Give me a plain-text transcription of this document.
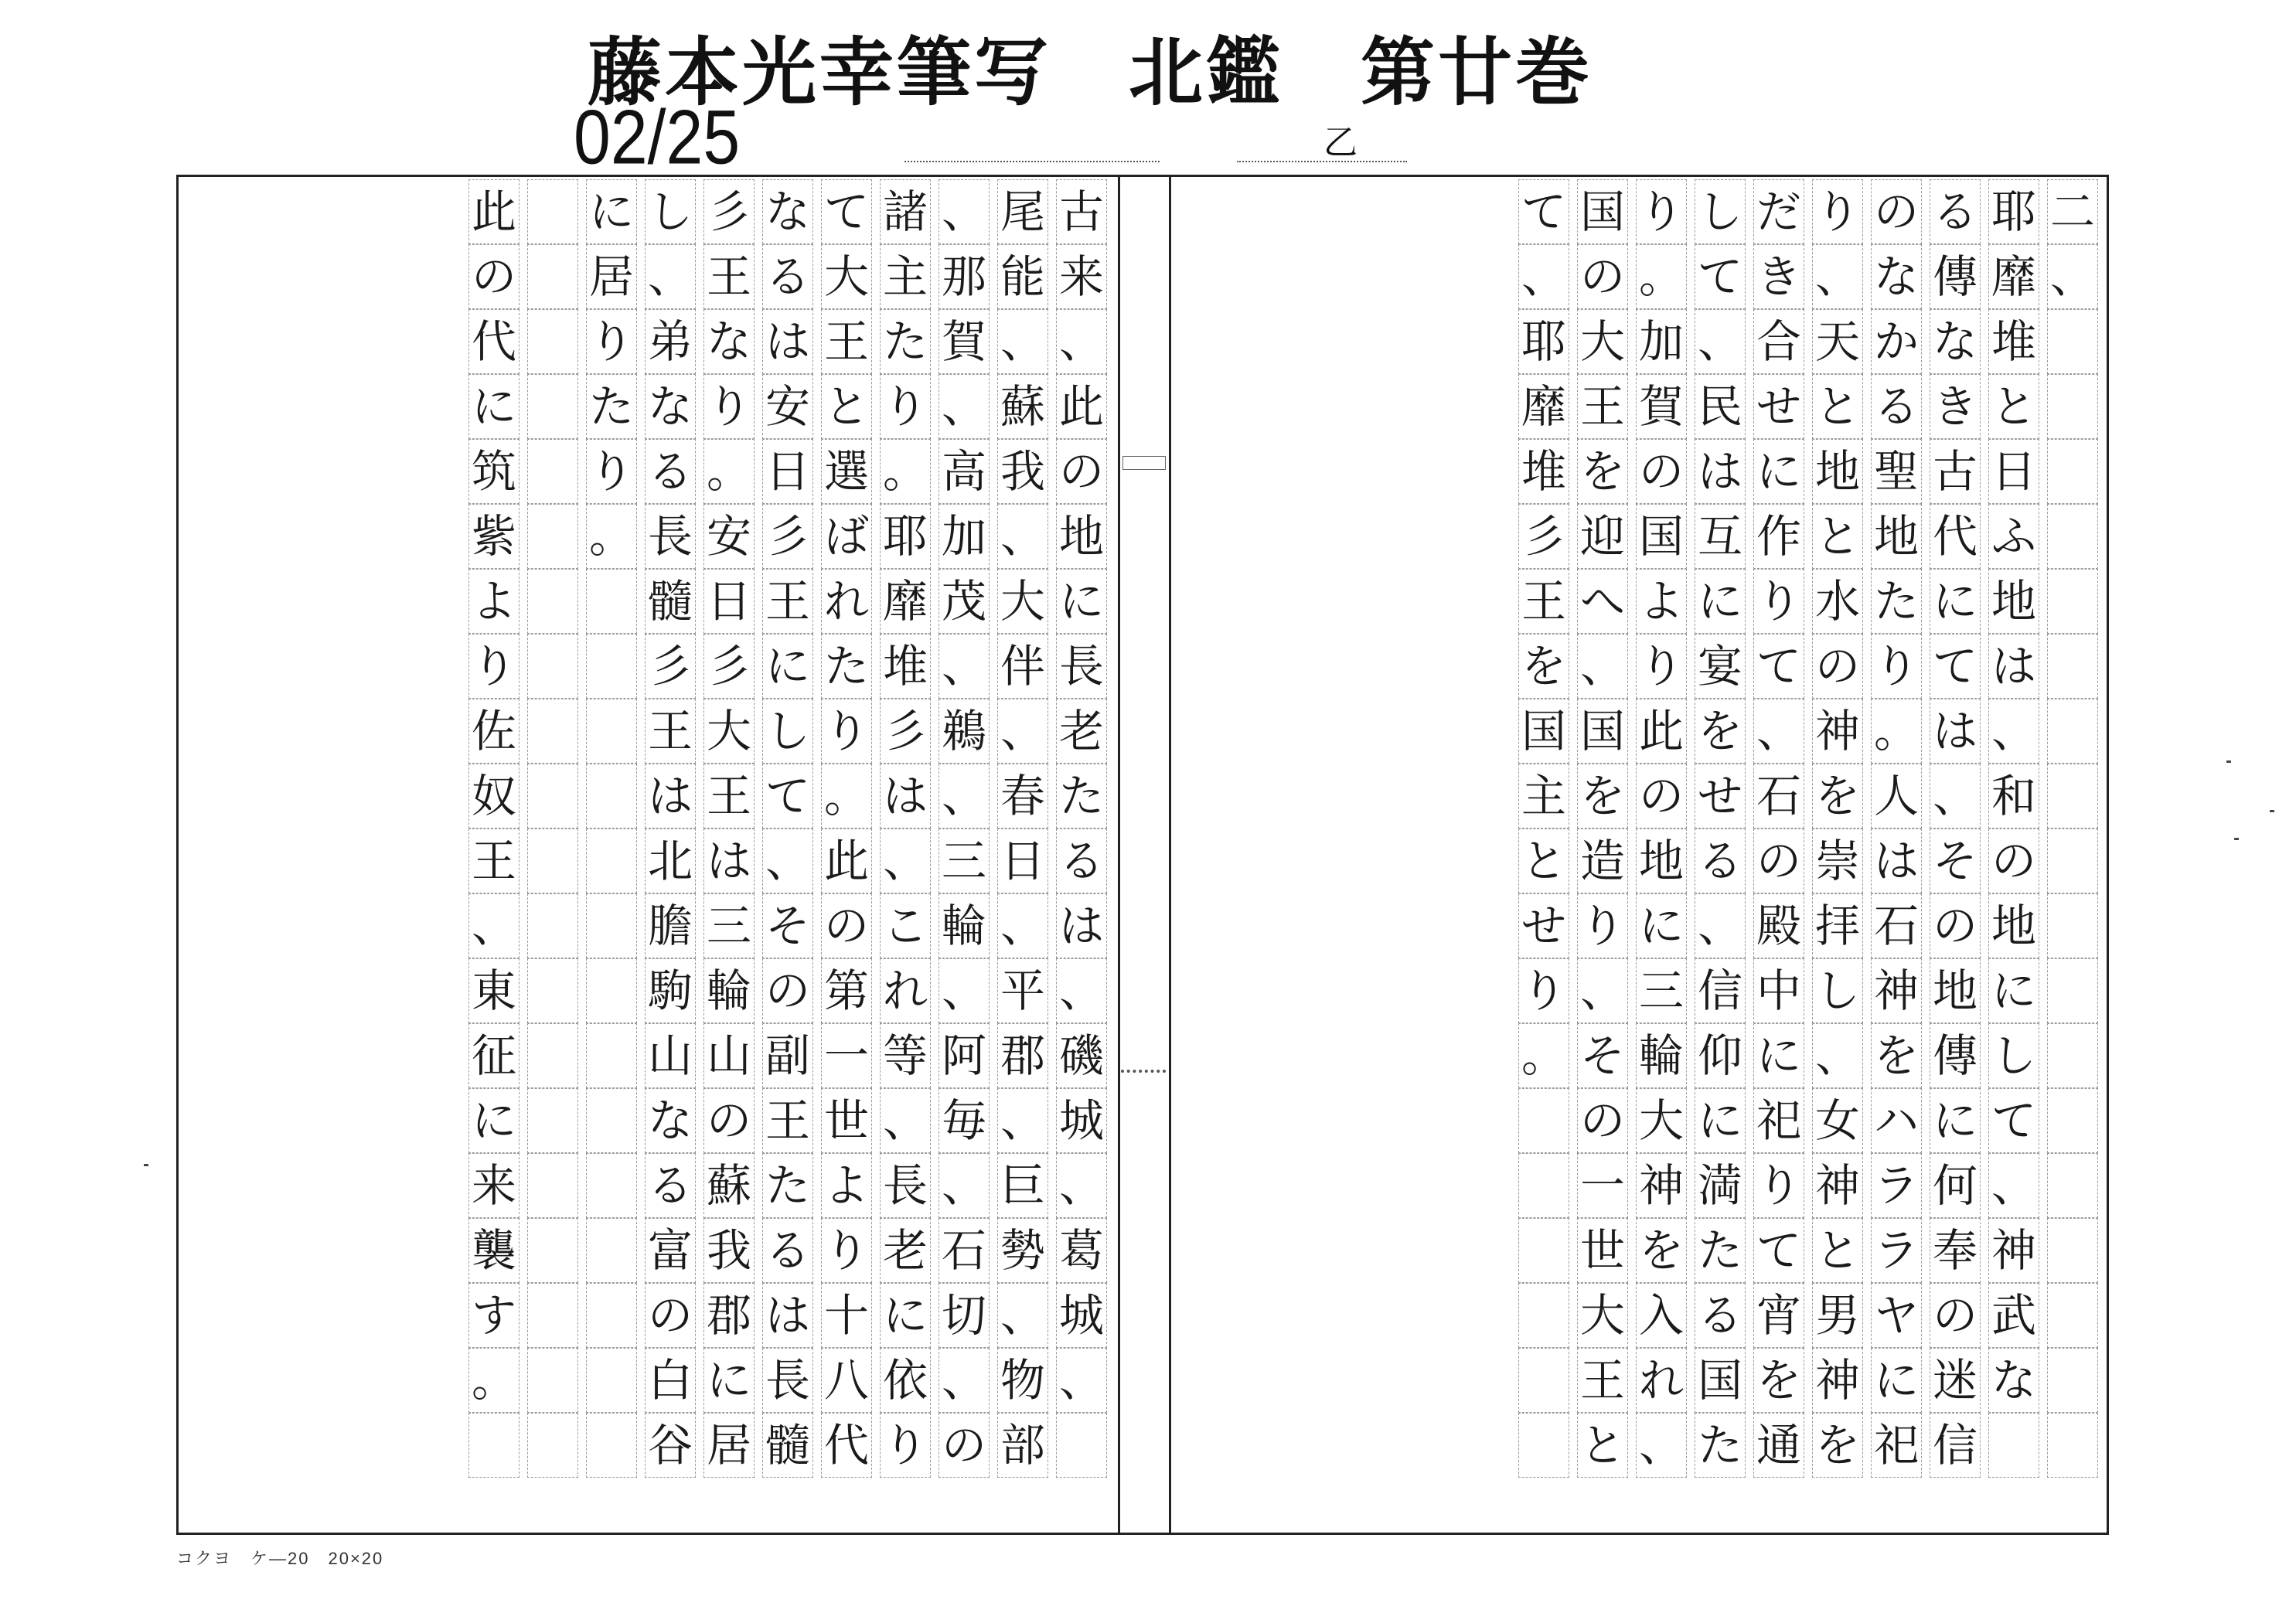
藤本光幸筆写　北鑑　第廿巻
02/25	乙
二
、
耶
靡
堆
と
日
ふ
地
は
、
和
の
地
に
し
て
、
神
武
な
る
傳
な
き
古
代
に
て
は
、
そ
の
地
傳
に
何
奉
の
迷
信
の
な
か
る
聖
地
た
り
。
人
は
石
神
を
ハ
ラ
ラ
ヤ
に
祀
り
、
天
と
地
と
水
の
神
を
崇
拝
し
、
女
神
と
男
神
を
だ
き
合
せ
に
作
り
て
、
石
の
殿
中
に
祀
り
て
宵
を
通
し
て
、
民
は
互
に
宴
を
せ
る
、
信
仰
に
満
た
る
国
た
り
。
加
賀
の
国
よ
り
此
の
地
に
三
輪
大
神
を
入
れ
、
国
の
大
王
を
迎
へ
、
国
を
造
り
、
そ
の
一
世
大
王
と
て
、
耶
靡
堆
彡
王
を
国
主
と
せ
り
。
古
来
、
此
の
地
に
長
老
た
る
は
、
磯
城
、
葛
城
、
尾
能
、
蘇
我
、
大
伴
、
春
日
、
平
郡
、
巨
勢
、
物
部
、
那
賀
、
高
加
茂
、
鵜
、
三
輪
、
阿
毎
、
石
切
、
の
諸
主
た
り
。
耶
靡
堆
彡
は
、
こ
れ
等
、
長
老
に
依
り
て
大
王
と
選
ば
れ
た
り
。
此
の
第
一
世
よ
り
十
八
代
な
る
は
安
日
彡
王
に
し
て
、
そ
の
副
王
た
る
は
長
髓
彡
王
な
り
。
安
日
彡
大
王
は
三
輪
山
の
蘇
我
郡
に
居
し
、
弟
な
る
長
髓
彡
王
は
北
膽
駒
山
な
る
富
の
白
谷
に
居
り
た
り
。
此
の
代
に
筑
紫
よ
り
佐
奴
王
、
東
征
に
来
襲
す
。
コクヨ　ケ―20　20×20
